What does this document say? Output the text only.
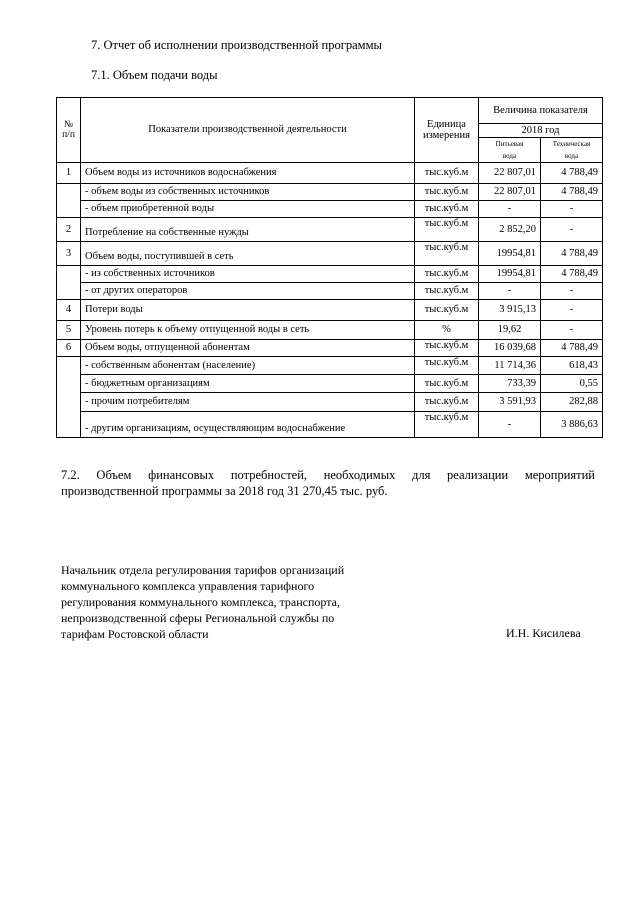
7. Отчет об исполнении производственной программы
7.1. Объем подачи воды
№
п/п	Показатели производственной деятельности	Единица
измерения	Величина показателя	
			2018 год	
			Питьевая
вода	Техническая
вода
1	Объем воды из источников водоснабжения	тыс.куб.м	22 807,01	4 788,49
	- объем воды из собственных источников	тыс.куб.м	22 807,01	4 788,49
	- объем приобретенной воды	тыс.куб.м	-	-
2	Потребление на собственные нужды	тыс.куб.м	2 852,20	-
3	Объем воды, поступившей в сеть	тыс.куб.м	19954,81	4 788,49
	- из собственных источников	тыс.куб.м	19954,81	4 788,49
	- от других операторов	тыс.куб.м	-	-
4	Потери воды	тыс.куб.м	3 915,13	-
5	Уровень потерь к объему отпущенной воды в сеть	%	19,62	-
6	Объем воды, отпущенной абонентам	тыс.куб.м	16 039,68	4 788,49
	- собственным абонентам (население)	тыс.куб.м	11 714,36	618,43
	- бюджетным организациям	тыс.куб.м	733,39	0,55
	- прочим потребителям	тыс.куб.м	3 591,93	282,88
	- другим организациям, осуществляющим водоснабжение	тыс.куб.м	-	3 886,63
7.2. Объем финансовых потребностей, необходимых для реализации мероприятий производственной программы за 2018 год 31 270,45 тыс. руб.
Начальник отдела регулирования тарифов организаций коммунального комплекса управления тарифного регулирования коммунального комплекса, транспорта, непроизводственной сферы Региональной службы по тарифам Ростовской области	И.Н. Кисилева
